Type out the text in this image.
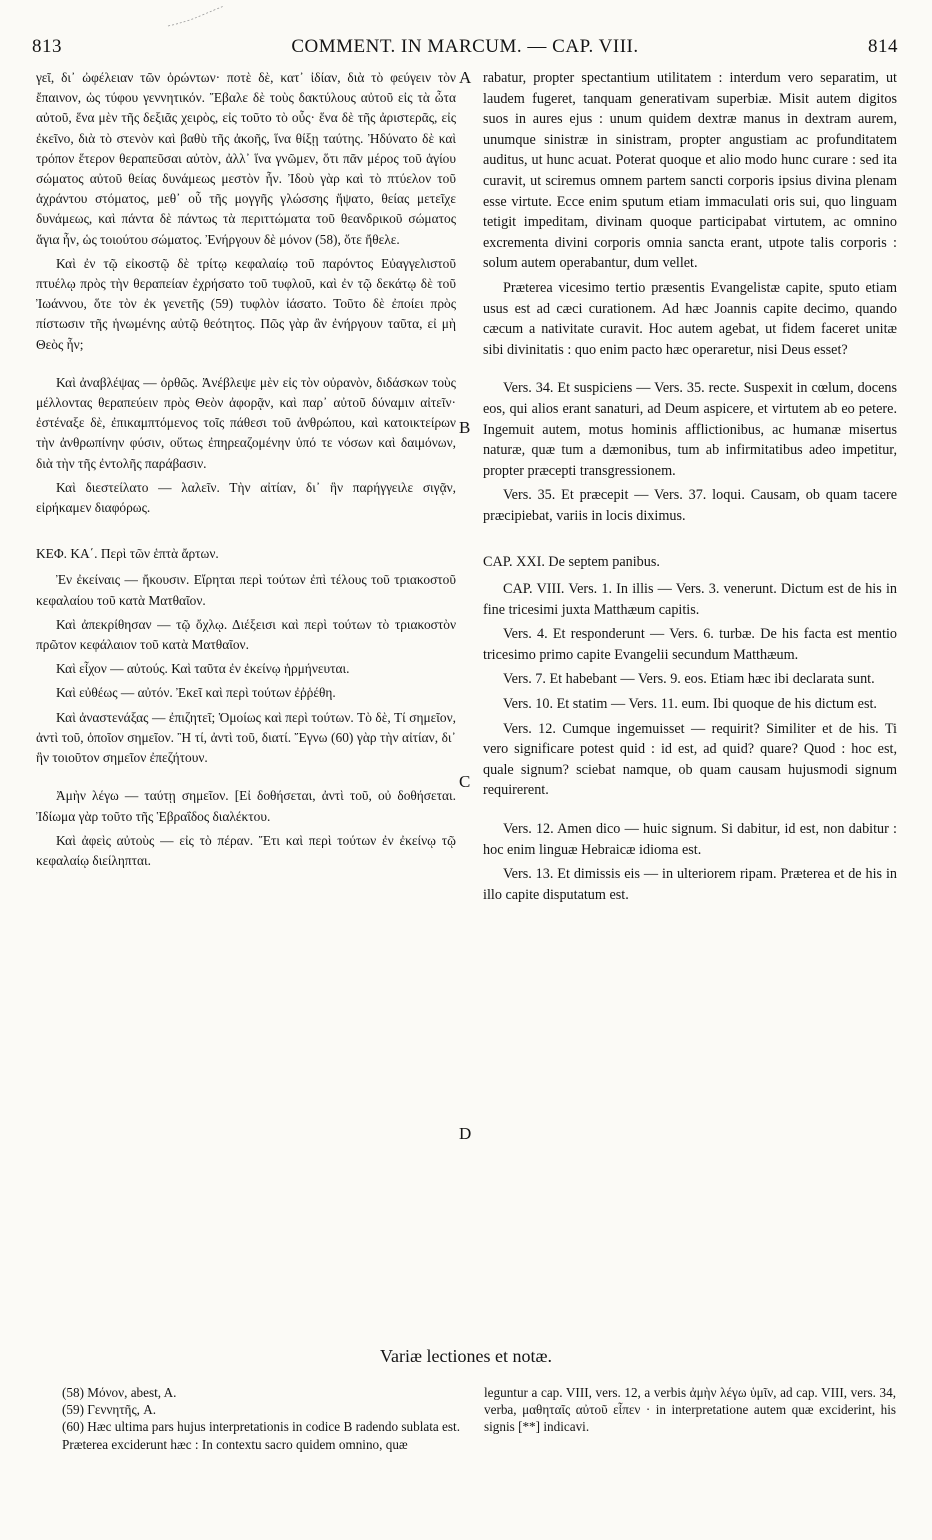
813	COMMENT. IN MARCUM. — CAP. VIII.	814
A
B
C
D

γεῖ, δι᾽ ὠφέλειαν τῶν ὁρώντων· ποτὲ δὲ, κατ᾽ ἰδίαν, διὰ τὸ φεύγειν τὸν ἔπαινον, ὡς τύφου γεννητικόν. Ἔβαλε δὲ τοὺς δακτύλους αὐτοῦ εἰς τὰ ὦτα αὐτοῦ, ἕνα μὲν τῆς δεξιᾶς χειρὸς, εἰς τοῦτο τὸ οὖς· ἕνα δὲ τῆς ἀριστερᾶς, εἰς ἐκεῖνο, διὰ τὸ στενὸν καὶ βαθὺ τῆς ἀκοῆς, ἵνα θίξῃ ταύτης. Ἠδύνατο δὲ καὶ τρόπον ἕτερον θεραπεῦσαι αὐτὸν, ἀλλ᾽ ἵνα γνῶμεν, ὅτι πᾶν μέρος τοῦ ἁγίου σώματος αὐτοῦ θείας δυνάμεως μεστὸν ἦν. Ἰδοὺ γὰρ καὶ τὸ πτύελον τοῦ ἀχράντου στόματος, μεθ᾽ οὗ τῆς μογγῆς γλώσσης ἥψατο, θείας μετεῖχε δυνάμεως, καὶ πάντα δὲ πάντως τὰ περιττώματα τοῦ θεανδρικοῦ σώματος ἅγια ἦν, ὡς τοιούτου σώματος. Ἐνήργουν δὲ μόνον (58), ὅτε ἤθελε.

Καὶ ἐν τῷ εἰκοστῷ δὲ τρίτῳ κεφαλαίῳ τοῦ παρόντος Εὐαγγελιστοῦ πτυέλῳ πρὸς τὴν θεραπείαν ἐχρήσατο τοῦ τυφλοῦ, καὶ ἐν τῷ δεκάτῳ δὲ τοῦ Ἰωάννου, ὅτε τὸν ἐκ γενετῆς (59) τυφλὸν ἰάσατο. Τοῦτο δὲ ἐποίει πρὸς πίστωσιν τῆς ἡνωμένης αὐτῷ θεότητος. Πῶς γὰρ ἂν ἐνήργουν ταῦτα, εἰ μὴ Θεὸς ἦν;

Καὶ ἀναβλέψας — ὀρθῶς. Ἀνέβλεψε μὲν εἰς τὸν οὐρανὸν, διδάσκων τοὺς μέλλοντας θεραπεύειν πρὸς Θεὸν ἀφορᾷν, καὶ παρ᾽ αὐτοῦ δύναμιν αἰτεῖν· ἐστέναξε δὲ, ἐπικαμπτόμενος τοῖς πάθεσι τοῦ ἀνθρώπου, καὶ κατοικτείρων τὴν ἀνθρωπίνην φύσιν, οὕτως ἐπηρεαζομένην ὑπό τε νόσων καὶ δαιμόνων, διὰ τὴν τῆς ἐντολῆς παράβασιν.

Καὶ διεστείλατο — λαλεῖν. Τὴν αἰτίαν, δι᾽ ἣν παρήγγειλε σιγᾷν, εἰρήκαμεν διαφόρως.

ΚΕΦ. ΚΑ΄. Περὶ τῶν ἑπτὰ ἄρτων.

Ἐν ἐκείναις — ἤκουσιν. Εἴρηται περὶ τούτων ἐπὶ τέλους τοῦ τριακοστοῦ κεφαλαίου τοῦ κατὰ Ματθαῖον.

Καὶ ἀπεκρίθησαν — τῷ ὄχλῳ. Διέξεισι καὶ περὶ τούτων τὸ τριακοστὸν πρῶτον κεφάλαιον τοῦ κατὰ Ματθαῖον.

Καὶ εἶχον — αὐτούς. Καὶ ταῦτα ἐν ἐκείνῳ ἡρμήνευται.

Καὶ εὐθέως — αὐτόν. Ἐκεῖ καὶ περὶ τούτων ἐῤῥέθη.

Καὶ ἀναστενάξας — ἐπιζητεῖ; Ὁμοίως καὶ περὶ τούτων. Τὸ δὲ, Τί σημεῖον, ἀντὶ τοῦ, ὁποῖον σημεῖον. Ἢ τί, ἀντὶ τοῦ, διατί. Ἔγνω (60) γὰρ τὴν αἰτίαν, δι᾽ ἣν τοιοῦτον σημεῖον ἐπεζήτουν.

Ἀμὴν λέγω — ταύτῃ σημεῖον. [Εἰ δοθήσεται, ἀντὶ τοῦ, οὐ δοθήσεται. Ἰδίωμα γὰρ τοῦτο τῆς Ἑβραΐδος διαλέκτου.

Καὶ ἀφεὶς αὐτοὺς — εἰς τὸ πέραν. Ἔτι καὶ περὶ τούτων ἐν ἐκείνῳ τῷ κεφαλαίῳ διείληπται.

rabatur, propter spectantium utilitatem : interdum vero separatim, ut laudem fugeret, tanquam generativam superbiæ. Misit autem digitos suos in aures ejus : unum quidem dextræ manus in dextram aurem, unumque sinistræ in sinistram, propter angustiam ac profunditatem auditus, ut hunc acuat. Poterat quoque et alio modo hunc curare : sed ita curavit, ut sciremus omnem partem sancti corporis ipsius divina plenam esse virtute. Ecce enim sputum etiam immaculati oris sui, quo linguam tetigit impeditam, divinam quoque participabat virtutem, ac omnino excrementa divini corporis omnia sancta erant, utpote talis corporis : solum autem operabantur, dum vellet.

Præterea vicesimo tertio præsentis Evangelistæ capite, sputo etiam usus est ad cæci curationem. Ad hæc Joannis capite decimo, quando cæcum a nativitate curavit. Hoc autem agebat, ut fidem faceret unitæ sibi divinitatis : quo enim pacto hæc operaretur, nisi Deus esset?

Vers. 34. Et suspiciens — Vers. 35. recte. Suspexit in cœlum, docens eos, qui alios erant sanaturi, ad Deum aspicere, et virtutem ab eo petere. Ingemuit autem, motus hominis afflictionibus, ac humanæ misertus naturæ, quæ tum a dæmonibus, tum ab infirmitatibus adeo impetitur, propter præcepti transgressionem.

Vers. 35. Et præcepit — Vers. 37. loqui. Causam, ob quam tacere præcipiebat, variis in locis diximus.

CAP. XXI. De septem panibus.

CAP. VIII. Vers. 1. In illis — Vers. 3. venerunt. Dictum est de his in fine tricesimi juxta Matthæum capitis.

Vers. 4. Et responderunt — Vers. 6. turbæ. De his facta est mentio tricesimo primo capite Evangelii secundum Matthæum.

Vers. 7. Et habebant — Vers. 9. eos. Etiam hæc ibi declarata sunt.

Vers. 10. Et statim — Vers. 11. eum. Ibi quoque de his dictum est.

Vers. 12. Cumque ingemuisset — requirit? Similiter et de his. Ti vero significare potest quid : id est, ad quid? quare? Quod : hoc est, quale signum? sciebat namque, ob quam causam hujusmodi signum requirerent.

Vers. 12. Amen dico — huic signum. Si dabitur, id est, non dabitur : hoc enim linguæ Hebraicæ idioma est.

Vers. 13. Et dimissis eis — in ulteriorem ripam. Præterea et de his in illo capite disputatum est.

Variæ lectiones et notæ.

(58) Μόνον, abest, A.

(59) Γεννητῆς, A.

(60) Hæc ultima pars hujus interpretationis in codice B radendo sublata est. Præterea exciderunt hæc : In contextu sacro quidem omnino, quæ

leguntur a cap. VIII, vers. 12, a verbis ἀμὴν λέγω ὑμῖν, ad cap. VIII, vers. 34, verba, μαθηταῖς αὐτοῦ εἶπεν · in interpretatione autem quæ exciderint, his signis [**] indicavi.
